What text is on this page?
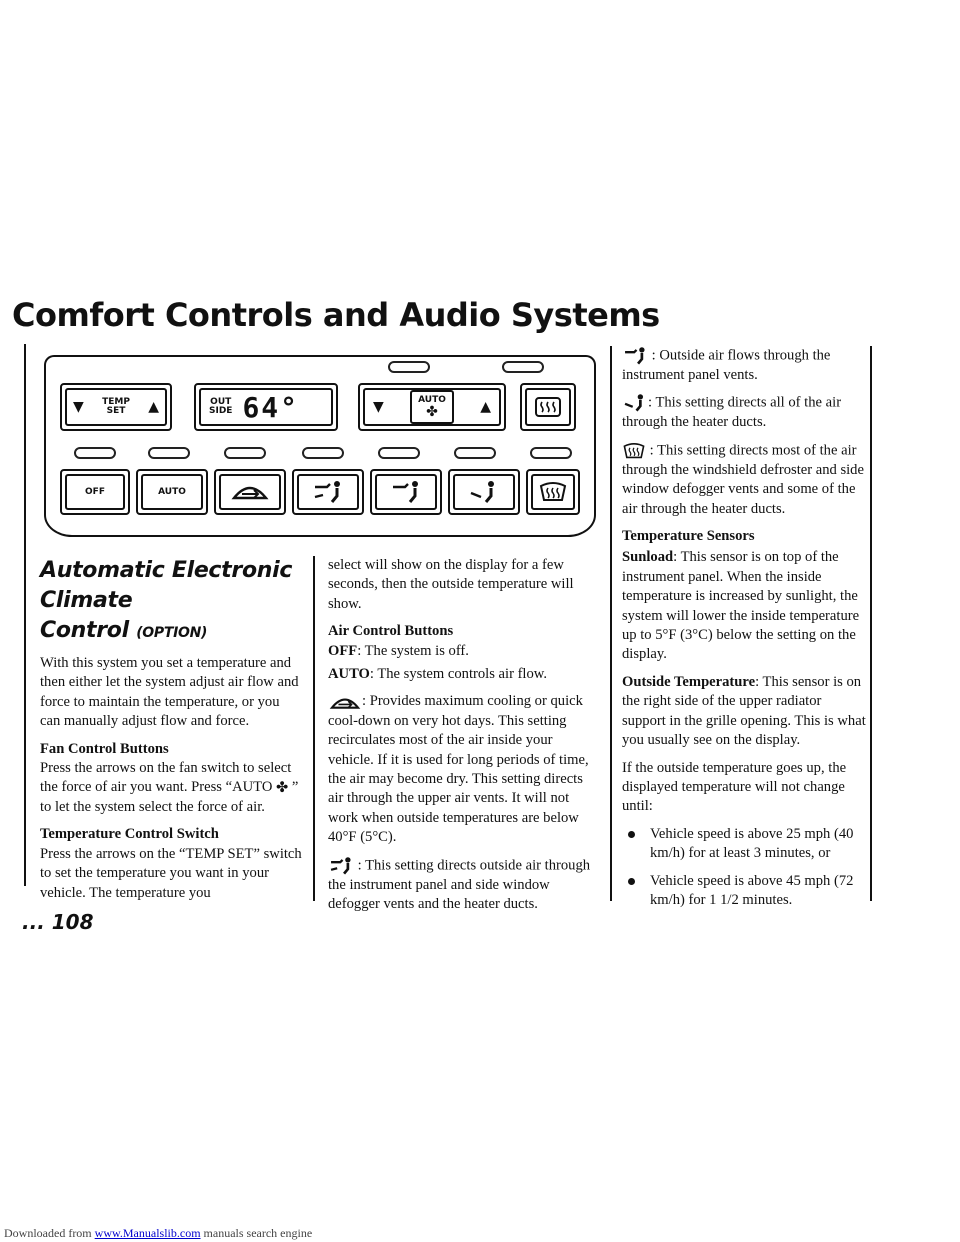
Comfort Controls and Audio Systems
▼ TEMP
SET	▲	OUT
SIDE 64°	▼	AUTO
✤	▲
OFF	AUTO
Automatic Electronic Climate
Control (OPTION)

With this system you set a temperature and then either let the system adjust air flow and force to maintain the temperature, or you can manually adjust flow and force.

Fan Control Buttons

Press the arrows on the fan switch to select the force of air you want. Press “AUTO ✤ ” to let the system select the force of air.

Temperature Control Switch

Press the arrows on the “TEMP SET” switch to set the temperature you want in your vehicle. The temperature you

select will show on the display for a few seconds, then the outside temperature will show.

Air Control Buttons

OFF: The system is off.

AUTO: The system controls air flow.

: Provides maximum cooling or quick cool-down on very hot days. This setting recirculates most of the air inside your vehicle. If it is used for long periods of time, the air may become dry. This setting directs air through the upper air vents. It will not work when outside temperatures are below 40°F (5°C).

: This setting directs outside air through the instrument panel and side window defogger vents and the heater ducts.

: Outside air flows through the instrument panel vents.

: This setting directs all of the air through the heater ducts.

: This setting directs most of the air through the windshield defroster and side window defogger vents and some of the air through the heater ducts.

Temperature Sensors

Sunload: This sensor is on top of the instrument panel. When the inside temperature is increased by sunlight, the system will lower the inside temperature up to 5°F (3°C) below the setting on the display.

Outside Temperature: This sensor is on the right side of the upper radiator support in the grille opening. This is what you usually see on the display.

If the outside temperature goes up, the displayed temperature will not change until:

Vehicle speed is above 25 mph (40 km/h) for at least 3 minutes, or
Vehicle speed is above 45 mph (72 km/h) for 1 1/2 minutes.
... 108
Downloaded from www.Manualslib.com manuals search engine
